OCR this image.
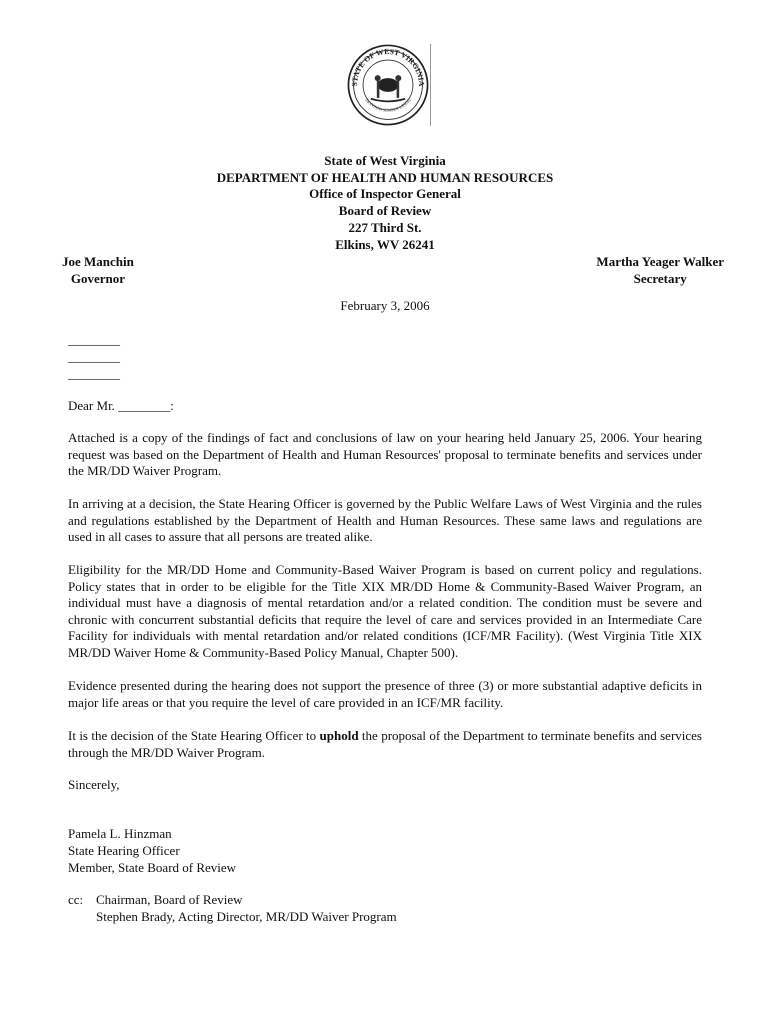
STATE OF WEST VIRGINIA
MONTANI SEMPER LIBERI
State of West Virginia
DEPARTMENT OF HEALTH AND HUMAN RESOURCES
Office of Inspector General
Board of Review
227 Third St.
Elkins, WV 26241
Joe Manchin
Governor
Martha Yeager Walker
Secretary
February 3, 2006
________
________
________
Dear Mr. ________:
Attached is a copy of the findings of fact and conclusions of law on your hearing held January 25, 2006. Your hearing request was based on the Department of Health and Human Resources' proposal to terminate benefits and services under the MR/DD Waiver Program.
In arriving at a decision, the State Hearing Officer is governed by the Public Welfare Laws of West Virginia and the rules and regulations established by the Department of Health and Human Resources. These same laws and regulations are used in all cases to assure that all persons are treated alike.
Eligibility for the MR/DD Home and Community-Based Waiver Program is based on current policy and regulations. Policy states that in order to be eligible for the Title XIX MR/DD Home & Community-Based Waiver Program, an individual must have a diagnosis of mental retardation and/or a related condition. The condition must be severe and chronic with concurrent substantial deficits that require the level of care and services provided in an Intermediate Care Facility for individuals with mental retardation and/or related conditions (ICF/MR Facility). (West Virginia Title XIX MR/DD Waiver Home & Community-Based Policy Manual, Chapter 500).
Evidence presented during the hearing does not support the presence of three (3) or more substantial adaptive deficits in major life areas or that you require the level of care provided in an ICF/MR facility.
It is the decision of the State Hearing Officer to uphold the proposal of the Department to terminate benefits and services through the MR/DD Waiver Program.
Sincerely,
Pamela L. Hinzman
State Hearing Officer
Member, State Board of Review
cc: Chairman, Board of Review
Stephen Brady, Acting Director, MR/DD Waiver Program
